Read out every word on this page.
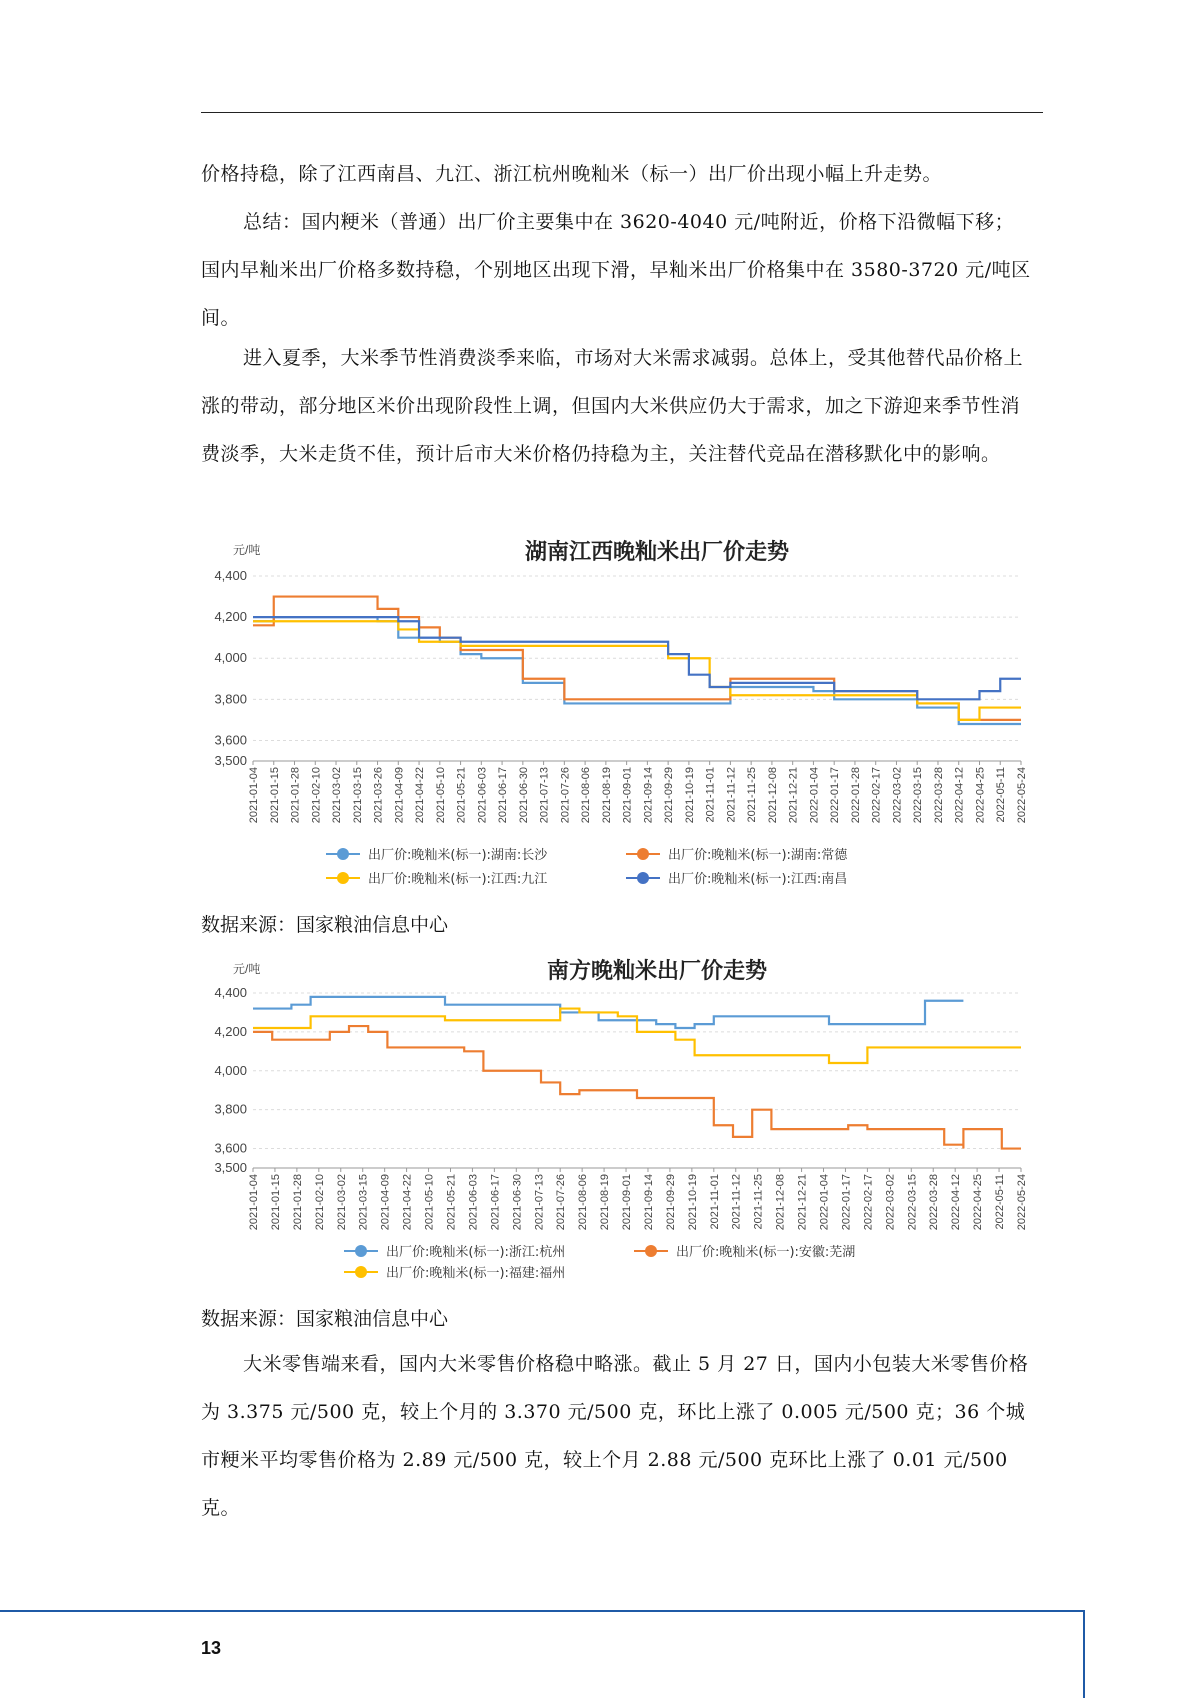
价格持稳，除了江西南昌、九江、浙江杭州晚籼米（标一）出厂价出现小幅上升走势。

总结：国内粳米（普通）出厂价主要集中在 3620-4040 元/吨附近，价格下沿微幅下移；国内早籼米出厂价格多数持稳，个别地区出现下滑，早籼米出厂价格集中在 3580-3720 元/吨区间。

进入夏季，大米季节性消费淡季来临，市场对大米需求减弱。总体上，受其他替代品价格上涨的带动，部分地区米价出现阶段性上调，但国内大米供应仍大于需求，加之下游迎来季节性消费淡季，大米走货不佳，预计后市大米价格仍持稳为主，关注替代竞品在潜移默化中的影响。

湖南江西晚籼米出厂价走势
元/吨
3,500
3,600
3,800
4,000
4,200
4,400
2021-01-04 2021-01-15 2021-01-28 2021-02-10 2021-03-02 2021-03-15 2021-03-26 2021-04-09 2021-04-22 2021-05-10 2021-05-21 2021-06-03 2021-06-17 2021-06-30 2021-07-13 2021-07-26 2021-08-06 2021-08-19 2021-09-01 2021-09-14 2021-09-29 2021-10-19 2021-11-01 2021-11-12 2021-11-25 2021-12-08 2021-12-21 2022-01-04 2022-01-17 2022-01-28 2022-02-17 2022-03-02 2022-03-15 2022-03-28 2022-04-12 2022-04-25 2022-05-11 2022-05-24
出厂价:晚籼米(标一):湖南:长沙	出厂价:晚籼米(标一):湖南:常德
出厂价:晚籼米(标一):江西:九江	出厂价:晚籼米(标一):江西:南昌
数据来源：国家粮油信息中心
南方晚籼米出厂价走势
元/吨
3,500
3,600
3,800
4,000
4,200
4,400
2021-01-04 2021-01-15 2021-01-28 2021-02-10 2021-03-02 2021-03-15 2021-04-09 2021-04-22 2021-05-10 2021-05-21 2021-06-03 2021-06-17 2021-06-30 2021-07-13 2021-07-26 2021-08-06 2021-08-19 2021-09-01 2021-09-14 2021-09-29 2021-10-19 2021-11-01 2021-11-12 2021-11-25 2021-12-08 2021-12-21 2022-01-04 2022-01-17 2022-02-17 2022-03-02 2022-03-15 2022-03-28 2022-04-12 2022-04-25 2022-05-11 2022-05-24
出厂价:晚籼米(标一):浙江:杭州	出厂价:晚籼米(标一):安徽:芜湖
出厂价:晚籼米(标一):福建:福州
数据来源：国家粮油信息中心

大米零售端来看，国内大米零售价格稳中略涨。截止 5 月 27 日，国内小包装大米零售价格为 3.375 元/500 克，较上个月的 3.370 元/500 克，环比上涨了 0.005 元/500 克；36 个城市粳米平均零售价格为 2.89 元/500 克，较上个月 2.88 元/500 克环比上涨了 0.01 元/500 克。

13
